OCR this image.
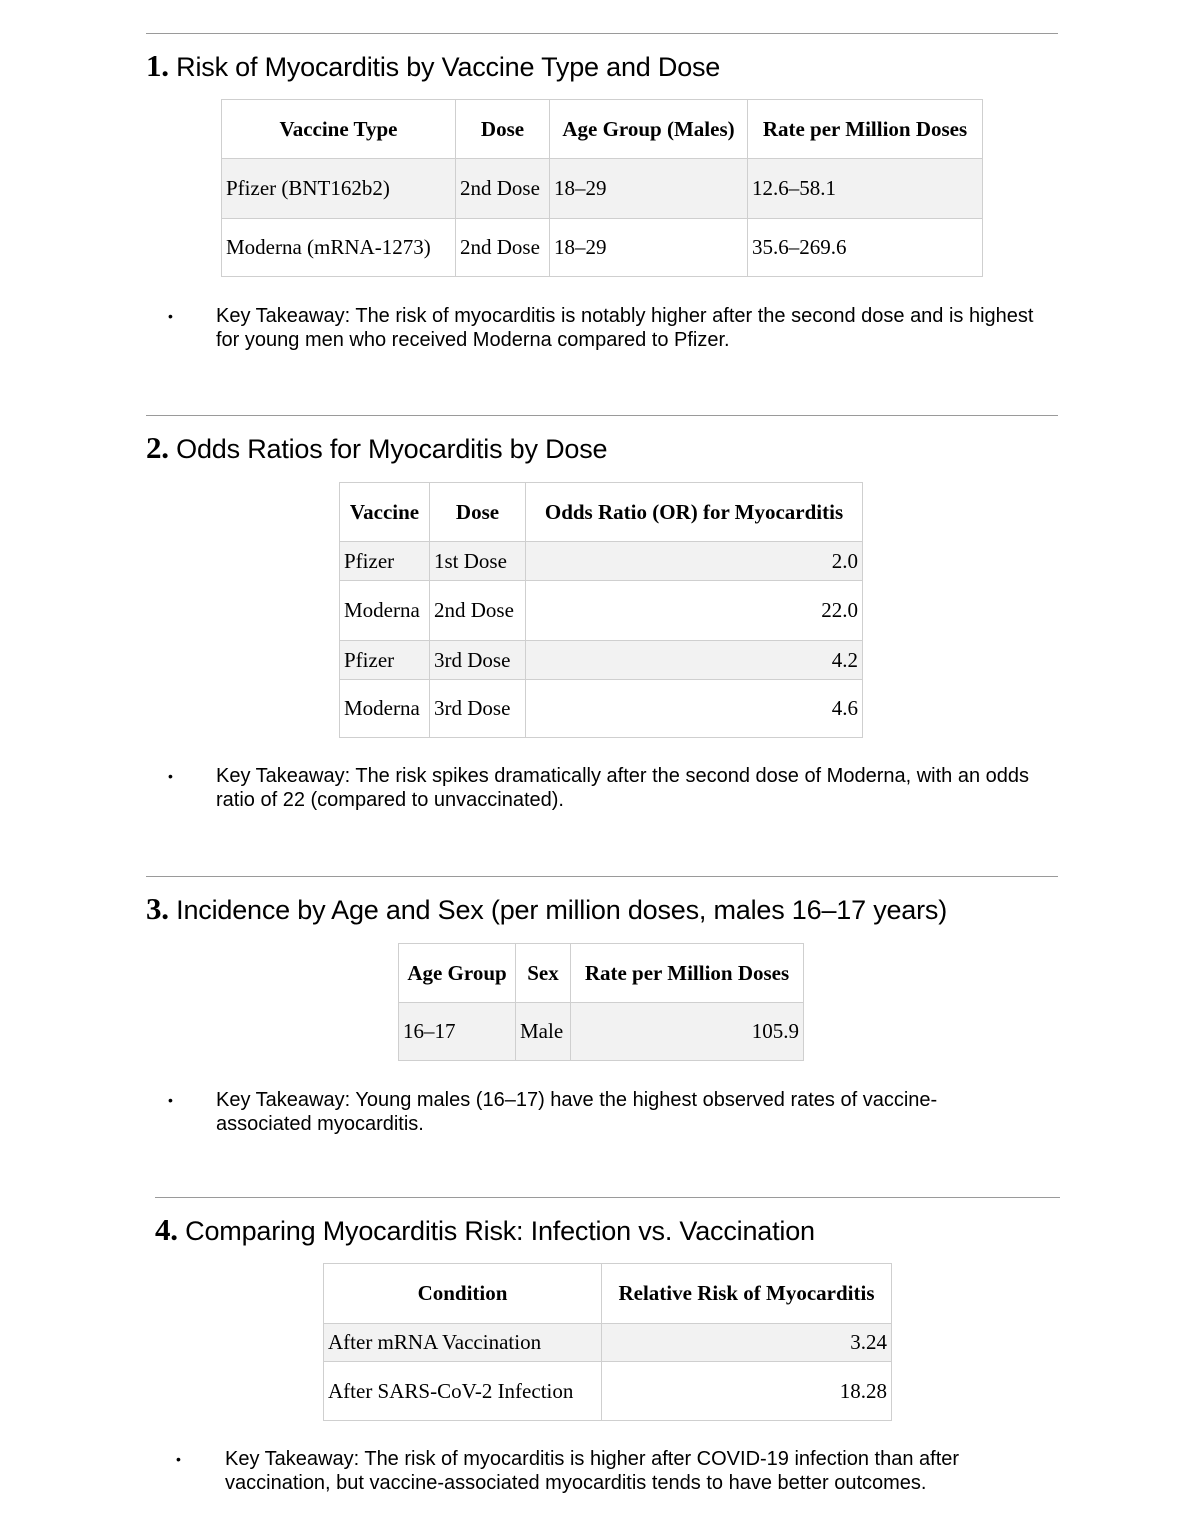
1. Risk of Myocarditis by Vaccine Type and Dose
Vaccine Type	Dose	Age Group (Males)	Rate per Million Doses
Pfizer (BNT162b2)	2nd Dose	18–29	12.6–58.1
Moderna (mRNA-1273)	2nd Dose	18–29	35.6–269.6
• Key Takeaway: The risk of myocarditis is notably higher after the second dose and is highest for young men who received Moderna compared to Pfizer.
2. Odds Ratios for Myocarditis by Dose
Vaccine	Dose	Odds Ratio (OR) for Myocarditis
Pfizer	1st Dose	2.0
Moderna	2nd Dose	22.0
Pfizer	3rd Dose	4.2
Moderna	3rd Dose	4.6
• Key Takeaway: The risk spikes dramatically after the second dose of Moderna, with an odds ratio of 22 (compared to unvaccinated).
3. Incidence by Age and Sex (per million doses, males 16–17 years)
Age Group	Sex	Rate per Million Doses
16–17	Male	105.9
• Key Takeaway: Young males (16–17) have the highest observed rates of vaccine-associated myocarditis.
4. Comparing Myocarditis Risk: Infection vs. Vaccination
Condition	Relative Risk of Myocarditis
After mRNA Vaccination	3.24
After SARS-CoV-2 Infection	18.28
• Key Takeaway: The risk of myocarditis is higher after COVID-19 infection than after vaccination, but vaccine-associated myocarditis tends to have better outcomes.
